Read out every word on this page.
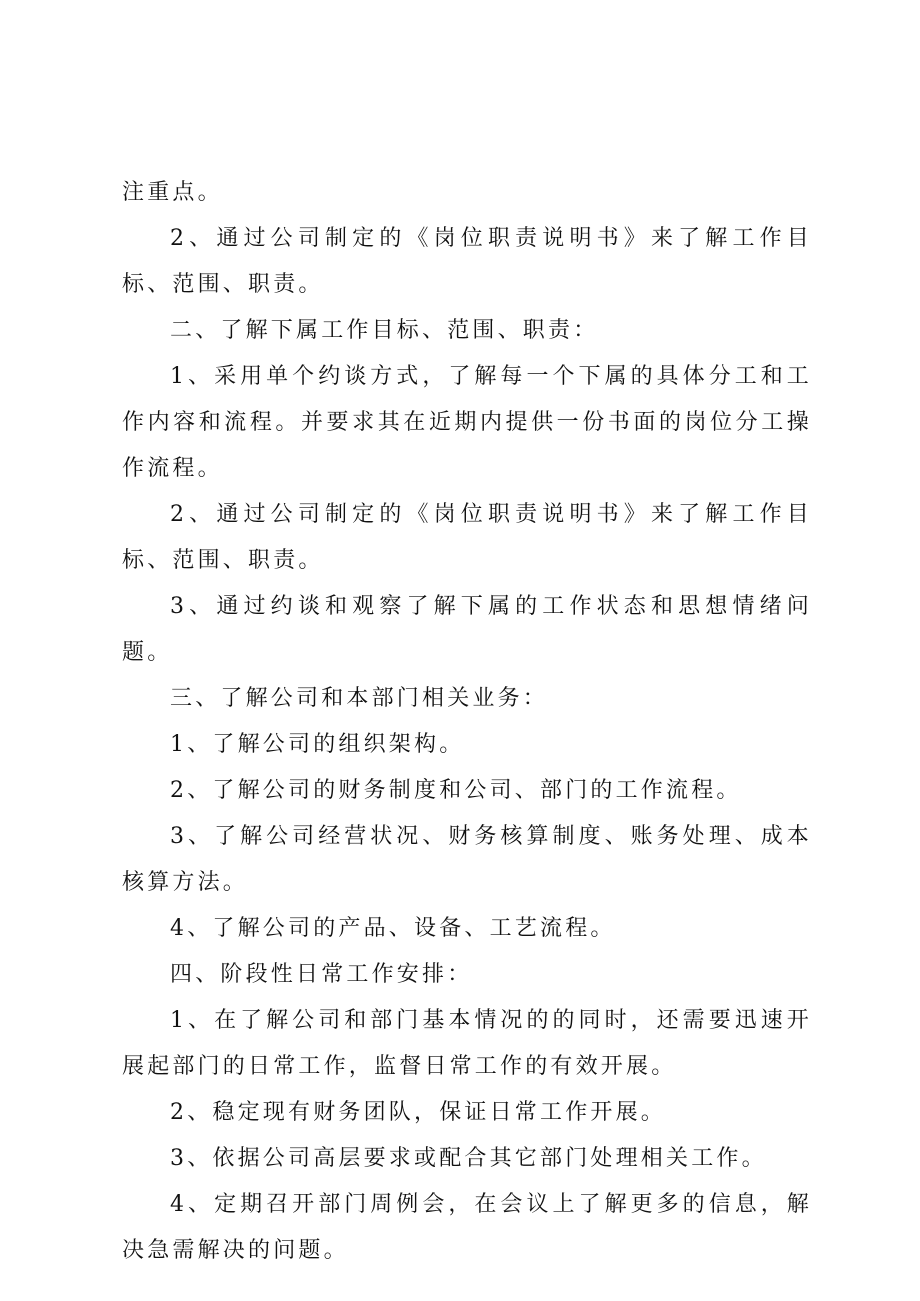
注重点。

2、通过公司制定的《岗位职责说明书》来了解工作目标、范围、职责。

二、了解下属工作目标、范围、职责：

1、采用单个约谈方式，了解每一个下属的具体分工和工作内容和流程。并要求其在近期内提供一份书面的岗位分工操作流程。

2、通过公司制定的《岗位职责说明书》来了解工作目标、范围、职责。

3、通过约谈和观察了解下属的工作状态和思想情绪问题。

三、了解公司和本部门相关业务：

1、了解公司的组织架构。

2、了解公司的财务制度和公司、部门的工作流程。

3、了解公司经营状况、财务核算制度、账务处理、成本核算方法。

4、了解公司的产品、设备、工艺流程。

四、阶段性日常工作安排：

1、在了解公司和部门基本情况的的同时，还需要迅速开展起部门的日常工作，监督日常工作的有效开展。

2、稳定现有财务团队，保证日常工作开展。

3、依据公司高层要求或配合其它部门处理相关工作。

4、定期召开部门周例会，在会议上了解更多的信息，解决急需解决的问题。
